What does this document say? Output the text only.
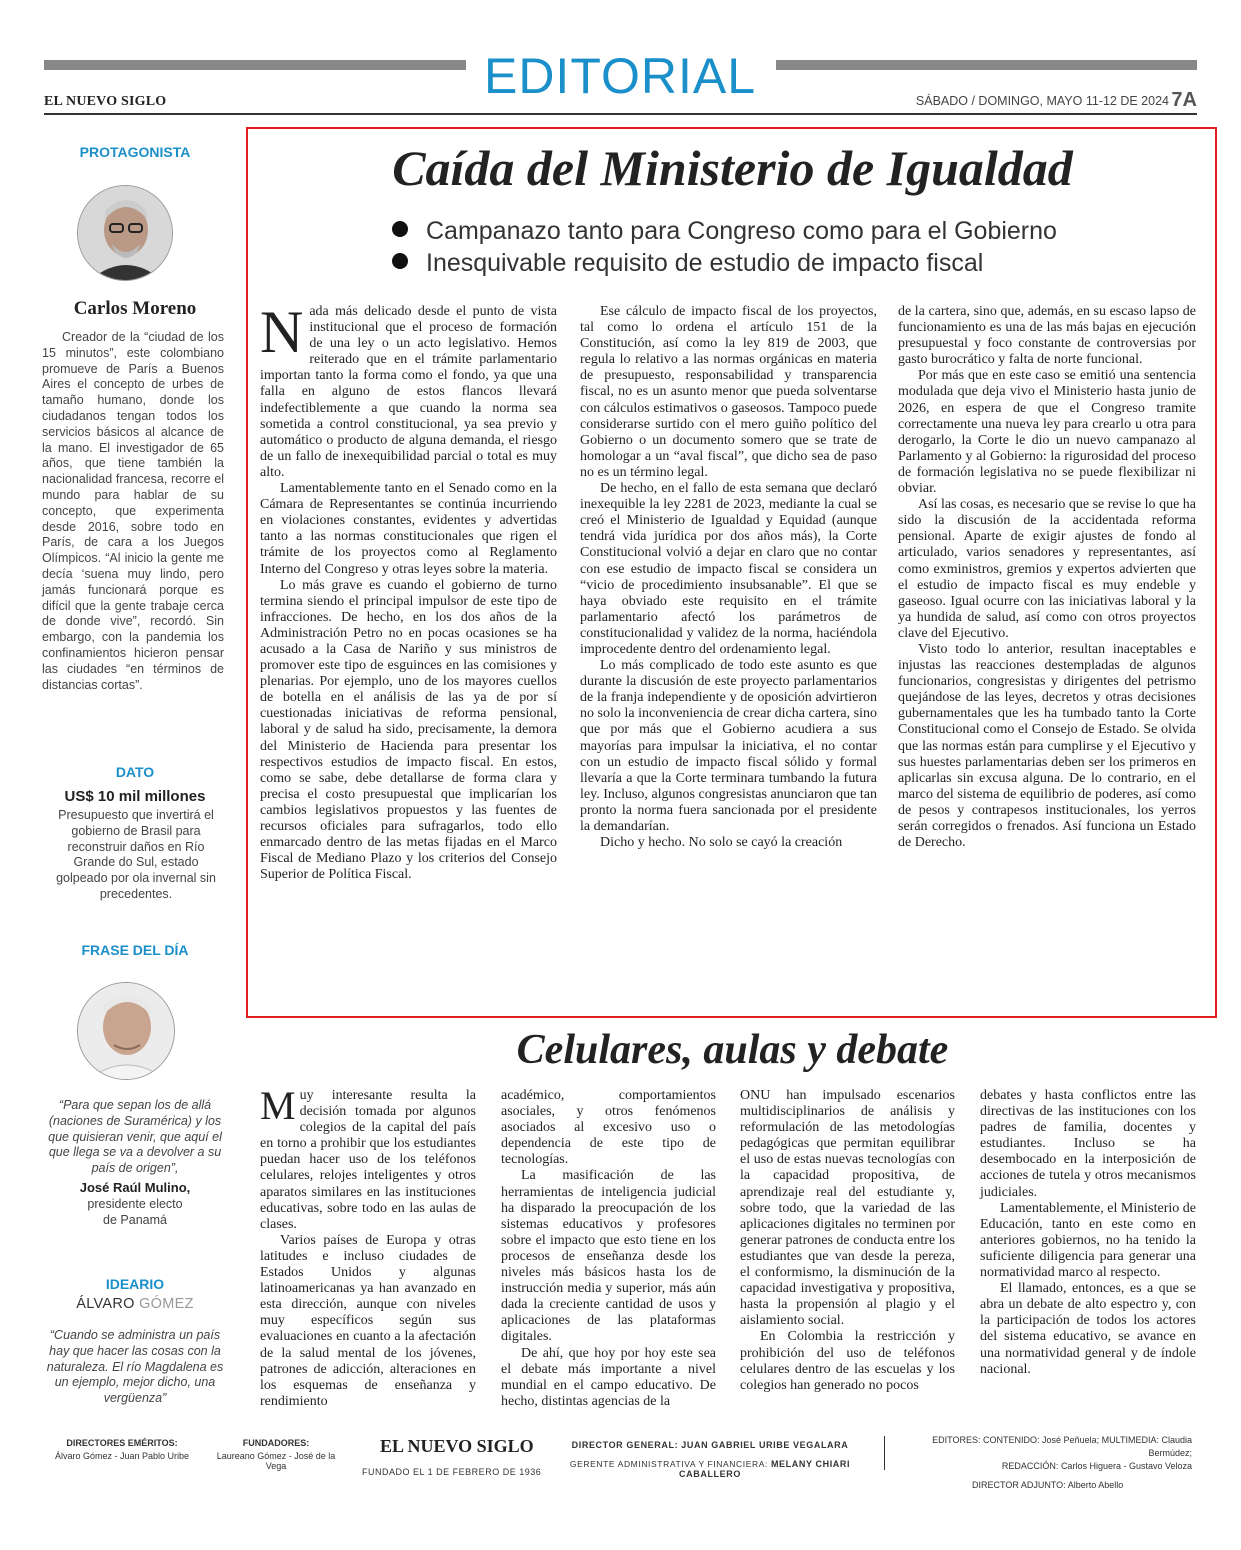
EDITORIAL
EL NUEVO SIGLO	SÁBADO / DOMINGO, MAYO 11-12 DE 2024 7A
PROTAGONISTA
Carlos Moreno
Creador de la “ciudad de los 15 minutos”, este colombiano promueve de París a Buenos Aires el concepto de urbes de tamaño humano, donde los ciudadanos tengan todos los servicios básicos al alcance de la mano. El investigador de 65 años, que tiene también la nacionalidad francesa, recorre el mundo para hablar de su concepto, que experimenta desde 2016, sobre todo en París, de cara a los Juegos Olímpicos. “Al inicio la gente me decía ‘suena muy lindo, pero jamás funcionará porque es difícil que la gente trabaje cerca de donde vive”, recordó. Sin embargo, con la pandemia los confinamientos hicieron pensar las ciudades “en términos de distancias cortas”.
DATO
US$ 10 mil millones
Presupuesto que invertirá el gobierno de Brasil para reconstruir daños en Río Grande do Sul, estado golpeado por ola invernal sin precedentes.
FRASE DEL DÍA
“Para que sepan los de allá (naciones de Suramérica) y los que quisieran venir, que aquí el que llega se va a devolver a su país de origen”,
José Raúl Mulino,
presidente electo de Panamá
IDEARIO
ÁLVARO GÓMEZ
“Cuando se administra un país hay que hacer las cosas con la naturaleza. El río Magdalena es un ejemplo, mejor dicho, una vergüenza”
Caída del Ministerio de Igualdad
Campanazo tanto para Congreso como para el Gobierno
Inesquivable requisito de estudio de impacto fiscal

Nada más delicado desde el punto de vista institucional que el proceso de formación de una ley o un acto legislativo. Hemos reiterado que en el trámite parlamentario importan tanto la forma como el fondo, ya que una falla en alguno de estos flancos llevará indefectiblemente a que cuando la norma sea sometida a control constitucional, ya sea previo y automático o producto de alguna demanda, el riesgo de un fallo de inexequibilidad parcial o total es muy alto.

Lamentablemente tanto en el Senado como en la Cámara de Representantes se continúa incurriendo en violaciones constantes, evidentes y advertidas tanto a las normas constitucionales que rigen el trámite de los proyectos como al Reglamento Interno del Congreso y otras leyes sobre la materia.

Lo más grave es cuando el gobierno de turno termina siendo el principal impulsor de este tipo de infracciones. De hecho, en los dos años de la Administración Petro no en pocas ocasiones se ha acusado a la Casa de Nariño y sus ministros de promover este tipo de esguinces en las comisiones y plenarias. Por ejemplo, uno de los mayores cuellos de botella en el análisis de las ya de por sí cuestionadas iniciativas de reforma pensional, laboral y de salud ha sido, precisamente, la demora del Ministerio de Hacienda para presentar los respectivos estudios de impacto fiscal. En estos, como se sabe, debe detallarse de forma clara y precisa el costo presupuestal que implicarían los cambios legislativos propuestos y las fuentes de recursos oficiales para sufragarlos, todo ello enmarcado dentro de las metas fijadas en el Marco Fiscal de Mediano Plazo y los criterios del Consejo Superior de Política Fiscal.

Ese cálculo de impacto fiscal de los proyectos, tal como lo ordena el artículo 151 de la Constitución, así como la ley 819 de 2003, que regula lo relativo a las normas orgánicas en materia de presupuesto, responsabilidad y transparencia fiscal, no es un asunto menor que pueda solventarse con cálculos estimativos o gaseosos. Tampoco puede considerarse surtido con el mero guiño político del Gobierno o un documento somero que se trate de homologar a un “aval fiscal”, que dicho sea de paso no es un término legal.

De hecho, en el fallo de esta semana que declaró inexequible la ley 2281 de 2023, mediante la cual se creó el Ministerio de Igualdad y Equidad (aunque tendrá vida jurídica por dos años más), la Corte Constitucional volvió a dejar en claro que no contar con ese estudio de impacto fiscal se considera un “vicio de procedimiento insubsanable”. El que se haya obviado este requisito en el trámite parlamentario afectó los parámetros de constitucionalidad y validez de la norma, haciéndola improcedente dentro del ordenamiento legal.

Lo más complicado de todo este asunto es que durante la discusión de este proyecto parlamentarios de la franja independiente y de oposición advirtieron no solo la inconveniencia de crear dicha cartera, sino que por más que el Gobierno acudiera a sus mayorías para impulsar la iniciativa, el no contar con un estudio de impacto fiscal sólido y formal llevaría a que la Corte terminara tumbando la futura ley. Incluso, algunos congresistas anunciaron que tan pronto la norma fuera sancionada por el presidente la demandarían.

Dicho y hecho. No solo se cayó la creación

de la cartera, sino que, además, en su escaso lapso de funcionamiento es una de las más bajas en ejecución presupuestal y foco constante de controversias por gasto burocrático y falta de norte funcional.

Por más que en este caso se emitió una sentencia modulada que deja vivo el Ministerio hasta junio de 2026, en espera de que el Congreso tramite correctamente una nueva ley para crearlo u otra para derogarlo, la Corte le dio un nuevo campanazo al Parlamento y al Gobierno: la rigurosidad del proceso de formación legislativa no se puede flexibilizar ni obviar.

Así las cosas, es necesario que se revise lo que ha sido la discusión de la accidentada reforma pensional. Aparte de exigir ajustes de fondo al articulado, varios senadores y representantes, así como exministros, gremios y expertos advierten que el estudio de impacto fiscal es muy endeble y gaseoso. Igual ocurre con las iniciativas laboral y la ya hundida de salud, así como con otros proyectos clave del Ejecutivo.

Visto todo lo anterior, resultan inaceptables e injustas las reacciones destempladas de algunos funcionarios, congresistas y dirigentes del petrismo quejándose de las leyes, decretos y otras decisiones gubernamentales que les ha tumbado tanto la Corte Constitucional como el Consejo de Estado. Se olvida que las normas están para cumplirse y el Ejecutivo y sus huestes parlamentarias deben ser los primeros en aplicarlas sin excusa alguna. De lo contrario, en el marco del sistema de equilibrio de poderes, así como de pesos y contrapesos institucionales, los yerros serán corregidos o frenados. Así funciona un Estado de Derecho.

Celulares, aulas y debate

Muy interesante resulta la decisión tomada por algunos colegios de la capital del país en torno a prohibir que los estudiantes puedan hacer uso de los teléfonos celulares, relojes inteligentes y otros aparatos similares en las instituciones educativas, sobre todo en las aulas de clases.

Varios países de Europa y otras latitudes e incluso ciudades de Estados Unidos y algunas latinoamericanas ya han avanzado en esta dirección, aunque con niveles muy específicos según sus evaluaciones en cuanto a la afectación de la salud mental de los jóvenes, patrones de adicción, alteraciones en los esquemas de enseñanza y rendimiento

académico, comportamientos asociales, y otros fenómenos asociados al excesivo uso o dependencia de este tipo de tecnologías.

La masificación de las herramientas de inteligencia judicial ha disparado la preocupación de los sistemas educativos y profesores sobre el impacto que esto tiene en los procesos de enseñanza desde los niveles más básicos hasta los de instrucción media y superior, más aún dada la creciente cantidad de usos y aplicaciones de las plataformas digitales.

De ahí, que hoy por hoy este sea el debate más importante a nivel mundial en el campo educativo. De hecho, distintas agencias de la

ONU han impulsado escenarios multidisciplinarios de análisis y reformulación de las metodologías pedagógicas que permitan equilibrar el uso de estas nuevas tecnologías con la capacidad propositiva, de aprendizaje real del estudiante y, sobre todo, que la variedad de las aplicaciones digitales no terminen por generar patrones de conducta entre los estudiantes que van desde la pereza, el conformismo, la disminución de la capacidad investigativa y propositiva, hasta la propensión al plagio y el aislamiento social.

En Colombia la restricción y prohibición del uso de teléfonos celulares dentro de las escuelas y los colegios han generado no pocos

debates y hasta conflictos entre las directivas de las instituciones con los padres de familia, docentes y estudiantes. Incluso se ha desembocado en la interposición de acciones de tutela y otros mecanismos judiciales.

Lamentablemente, el Ministerio de Educación, tanto en este como en anteriores gobiernos, no ha tenido la suficiente diligencia para generar una normatividad marco al respecto.

El llamado, entonces, es a que se abra un debate de alto espectro y, con la participación de todos los actores del sistema educativo, se avance en una normatividad general y de índole nacional.

DIRECTORES EMÉRITOS:
Álvaro Gómez - Juan Pablo Uribe
FUNDADORES:
Laureano Gómez - José de la Vega
EL NUEVO SIGLO
FUNDADO EL 1 DE FEBRERO DE 1936
DIRECTOR GENERAL: JUAN GABRIEL URIBE VEGALARA
GERENTE ADMINISTRATIVA Y FINANCIERA: MELANY CHIARI CABALLERO
EDITORES: CONTENIDO: José Peñuela; MULTIMEDIA: Claudia Bermúdez;
REDACCIÓN: Carlos Higuera - Gustavo Veloza
DIRECTOR ADJUNTO: Alberto Abello
